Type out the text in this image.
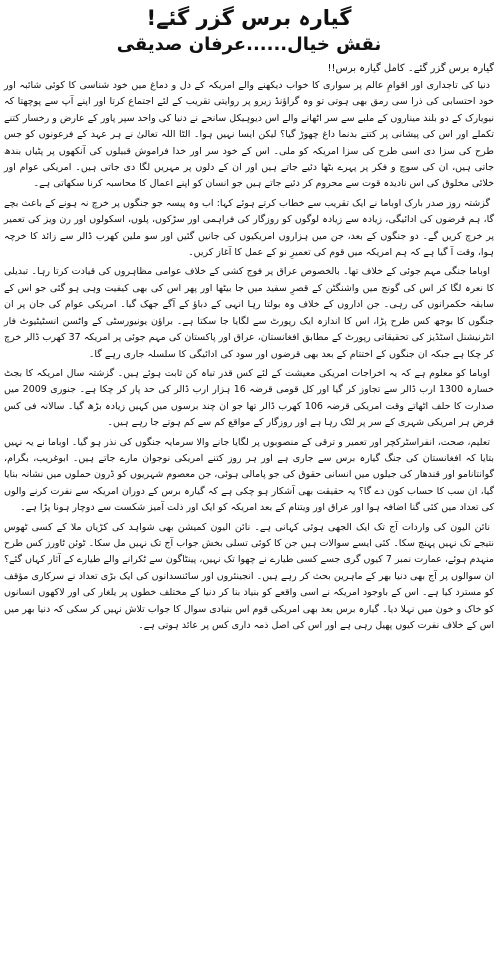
گیارہ برس گزر گئے!
نقش خیال......عرفان صدیقی
گیارہ برس گزر گئے۔ کامل گیارہ برس!!

دنیا کی تاجداری اور اقوامِ عالم پر سواری کا خواب دیکھنے والے امریکہ کے دل و دماغ میں خود شناسی کا کوئی شائبہ اور خود احتسابی کی ذرا سی رمق بھی ہوتی تو وہ گراؤنڈ زیرو پر روایتی تقریب کے لئے اجتماع کرتا اور اپنے آپ سے پوچھتا کہ نیویارک کے دو بلند میناروں کے ملبے سے سر اٹھانے والے اس دیوہیکل سانحے نے دنیا کی واحد سپر پاور کے عارض و رخسار کتنے تکملے اور اس کی پیشانی پر کتنے بدنما داغ چھوڑ گیا؟ لیکن ایسا نہیں ہوا۔ الٹا اللہ تعالیٰ نے ہر عہد کے فرعونوں کو جس طرح کی سزا دی اسی طرح کی سزا امریکہ کو ملی۔ اس کے خود سر اور خدا فراموش قبیلوں کی آنکھوں پر پٹیاں بندھ جاتی ہیں، ان کی سوچ و فکر پر پہرے بٹھا دئیے جاتے ہیں اور ان کے دلوں پر مہریں لگا دی جاتی ہیں۔ امریکی عوام اور خلائی مخلوق کی اس نادیدہ قوت سے محروم کر دئیے جاتے ہیں جو انسان کو اپنے اعمال کا محاسبہ کرنا سکھاتی ہے۔

گزشتہ روز صدر بارک اوباما نے ایک تقریب سے خطاب کرتے ہوئے کہا: اب وہ پیسہ جو جنگوں پر خرچ نہ ہونے کے باعث بچے گا، ہم قرضوں کی ادائیگی، زیادہ سے زیادہ لوگوں کو روزگار کی فراہمی اور سڑکوں، پلوں، اسکولوں اور رن ویز کی تعمیر پر خرچ کریں گے۔ دو جنگوں کے بعد، جن میں ہزاروں امریکیوں کی جانیں گئیں اور سو ملین کھرب ڈالر سے زائد کا خرچہ ہوا، وقت آ گیا ہے کہ ہم امریکہ میں قوم کی تعمیرِ نو کے عمل کا آغاز کریں۔

اوباما جنگی مہم جوئی کے خلاف تھا۔ بالخصوص عراق پر فوج کشی کے خلاف عوامی مظاہروں کی قیادت کرتا رہا۔ تبدیلی کا نعرہ لگا کر اس کی گونج میں واشنگٹن کے قصرِ سفید میں جا بیٹھا اور پھر اس کی بھی کیفیت وہی ہو گئی جو اس کے سابقہ حکمرانوں کی رہی۔ جن اداروں کے خلاف وہ بولتا رہا انہی کے دباؤ کے آگے جھک گیا۔ امریکی عوام کی جان پر ان جنگوں کا بوجھ کس طرح پڑا، اس کا اندازہ ایک رپورٹ سے لگایا جا سکتا ہے۔ براؤن یونیورسٹی کے واٹسن انسٹیٹیوٹ فار انٹرنیشنل اسٹڈیز کی تحقیقاتی رپورٹ کے مطابق افغانستان، عراق اور پاکستان کی مہم جوئی پر امریکہ 37 کھرب ڈالر خرچ کر چکا ہے جبکہ ان جنگوں کے اختتام کے بعد بھی قرضوں اور سود کی ادائیگی کا سلسلہ جاری رہے گا۔

اوباما کو معلوم ہے کہ یہ اخراجات امریکی معیشت کے لئے کس قدر تباہ کن ثابت ہوئے ہیں۔ گزشتہ سال امریکہ کا بجٹ خسارہ 1300 ارب ڈالر سے تجاوز کر گیا اور کل قومی قرضہ 16 ہزار ارب ڈالر کی حد پار کر چکا ہے۔ جنوری 2009 میں صدارت کا حلف اٹھاتے وقت امریکی قرضہ 106 کھرب ڈالر تھا جو ان چند برسوں میں کہیں زیادہ بڑھ گیا۔ سالانہ فی کس قرض ہر امریکی شہری کے سر پر لٹک رہا ہے اور روزگار کے مواقع کم سے کم ہوتے جا رہے ہیں۔

تعلیم، صحت، انفراسٹرکچر اور تعمیر و ترقی کے منصوبوں پر لگایا جانے والا سرمایہ جنگوں کی نذر ہو گیا۔ اوباما نے یہ نہیں بتایا کہ افغانستان کی جنگ گیارہ برس سے جاری ہے اور ہر روز کتنے امریکی نوجوان مارے جاتے ہیں۔ ابوغریب، بگرام، گوانتانامو اور قندھار کی جیلوں میں انسانی حقوق کی جو پامالی ہوئی، جن معصوم شہریوں کو ڈرون حملوں میں نشانہ بنایا گیا، ان سب کا حساب کون دے گا؟ یہ حقیقت بھی آشکار ہو چکی ہے کہ گیارہ برس کے دوران امریکہ سے نفرت کرنے والوں کی تعداد میں کئی گنا اضافہ ہوا اور عراق اور ویتنام کے بعد امریکہ کو ایک اور ذلت آمیز شکست سے دوچار ہونا پڑا ہے۔

نائن الیون کی واردات آج تک ایک الجھی ہوئی کہانی ہے۔ نائن الیون کمیشن بھی شواہد کی کڑیاں ملا کے کسی ٹھوس نتیجے تک نہیں پہنچ سکا۔ کئی ایسے سوالات ہیں جن کا کوئی تسلی بخش جواب آج تک نہیں مل سکا۔ ٹوئن ٹاورز کس طرح منہدم ہوئے، عمارت نمبر 7 کیوں گری جسے کسی طیارے نے چھوا تک نہیں، پینٹاگون سے ٹکرانے والے طیارے کے آثار کہاں گئے؟ ان سوالوں پر آج بھی دنیا بھر کے ماہرین بحث کر رہے ہیں۔ انجینئروں اور سائنسدانوں کی ایک بڑی تعداد نے سرکاری مؤقف کو مسترد کیا ہے۔ اس کے باوجود امریکہ نے اسی واقعے کو بنیاد بنا کر دنیا کے مختلف خطوں پر یلغار کی اور لاکھوں انسانوں کو خاک و خون میں نہلا دیا۔ گیارہ برس بعد بھی امریکی قوم اس بنیادی سوال کا جواب تلاش نہیں کر سکی کہ دنیا بھر میں اس کے خلاف نفرت کیوں پھیل رہی ہے اور اس کی اصل ذمہ داری کس پر عائد ہوتی ہے۔
